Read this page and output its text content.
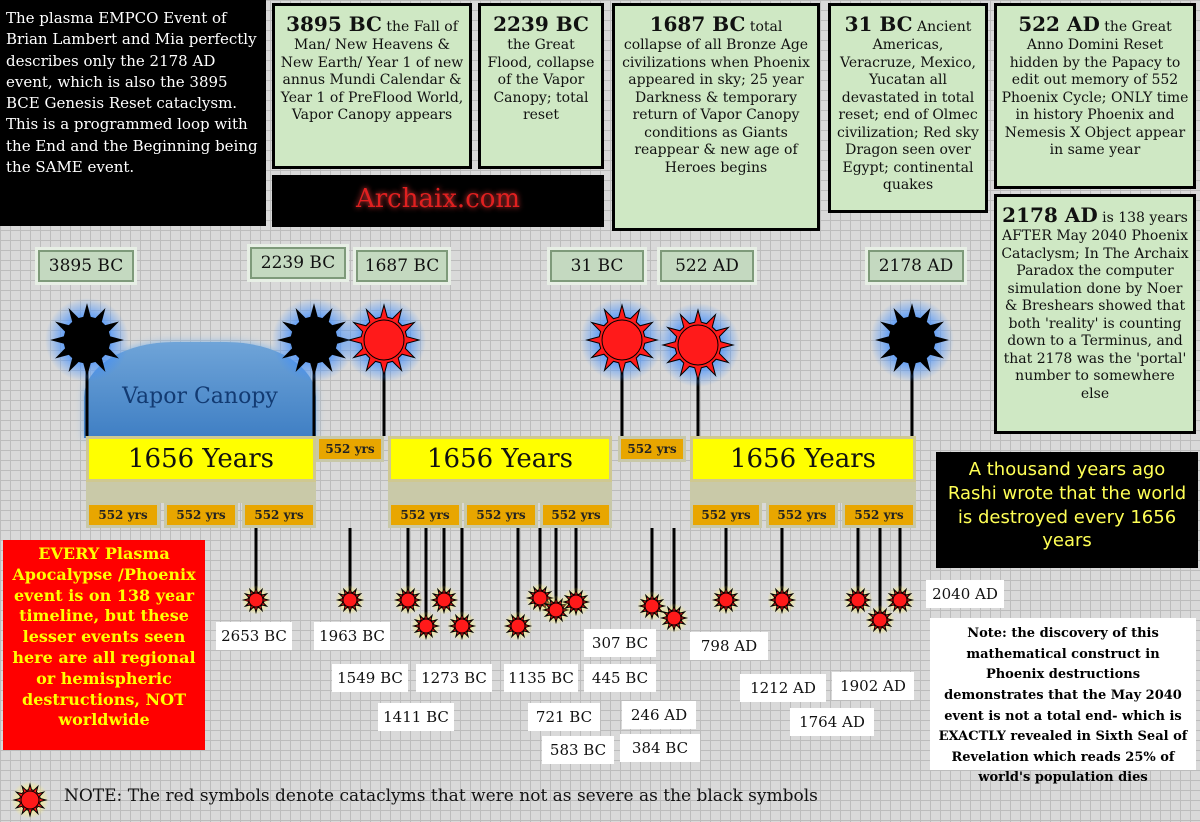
The plasma EMPCO Event of Brian Lambert and Mia perfectly describes only the 2178 AD event, which is also the 3895 BCE Genesis Reset cataclysm. This is a programmed loop with the End and the Beginning being the SAME event.
3895 BC the Fall of Man/ New Heavens & New Earth/ Year 1 of new annus Mundi Calendar & Year 1 of PreFlood World, Vapor Canopy appears
Archaix.com
2239 BC
the Great Flood, collapse of the Vapor Canopy; total reset
1687 BC total collapse of all Bronze Age civilizations when Phoenix appeared in sky; 25 year Darkness & temporary return of Vapor Canopy conditions as Giants reappear & new age of Heroes begins
31 BC Ancient Americas, Veracruze, Mexico, Yucatan all devastated in total reset; end of Olmec civilization; Red sky Dragon seen over Egypt; continental quakes
522 AD the Great Anno Domini Reset hidden by the Papacy to edit out memory of 552 Phoenix Cycle; ONLY time in history Phoenix and Nemesis X Object appear in same year
2178 AD is 138 years AFTER May 2040 Phoenix Cataclysm; In The Archaix Paradox the computer simulation done by Noer & Breshears showed that both 'reality' is counting down to a Terminus, and that 2178 was the 'portal' number to somewhere else
3895 BC	2239 BC	1687 BC	31 BC	522 AD	2178 AD
Vapor Canopy
1656 Years	1656 Years	1656 Years
552 yrs	552 yrs
552 yrs	552 yrs	552 yrs	552 yrs	552 yrs	552 yrs	552 yrs	552 yrs	552 yrs
A thousand years ago Rashi wrote that the world is destroyed every 1656 years
EVERY Plasma Apocalypse /Phoenix event is on 138 year timeline, but these lesser events seen here are all regional or hemispheric destructions, NOT worldwide
Note: the discovery of this mathematical construct in Phoenix destructions demonstrates that the May 2040 event is not a total end- which is EXACTLY revealed in Sixth Seal of Revelation which reads 25% of world's population dies
2653 BC	1963 BC
1549 BC
1411 BC
1273 BC	1135 BC
721 BC
583 BC
307 BC
445 BC
246 AD
384 BC
798 AD
1212 AD
1764 AD
1902 AD
2040 AD
NOTE: The red symbols denote cataclyms that were not as severe as the black symbols
